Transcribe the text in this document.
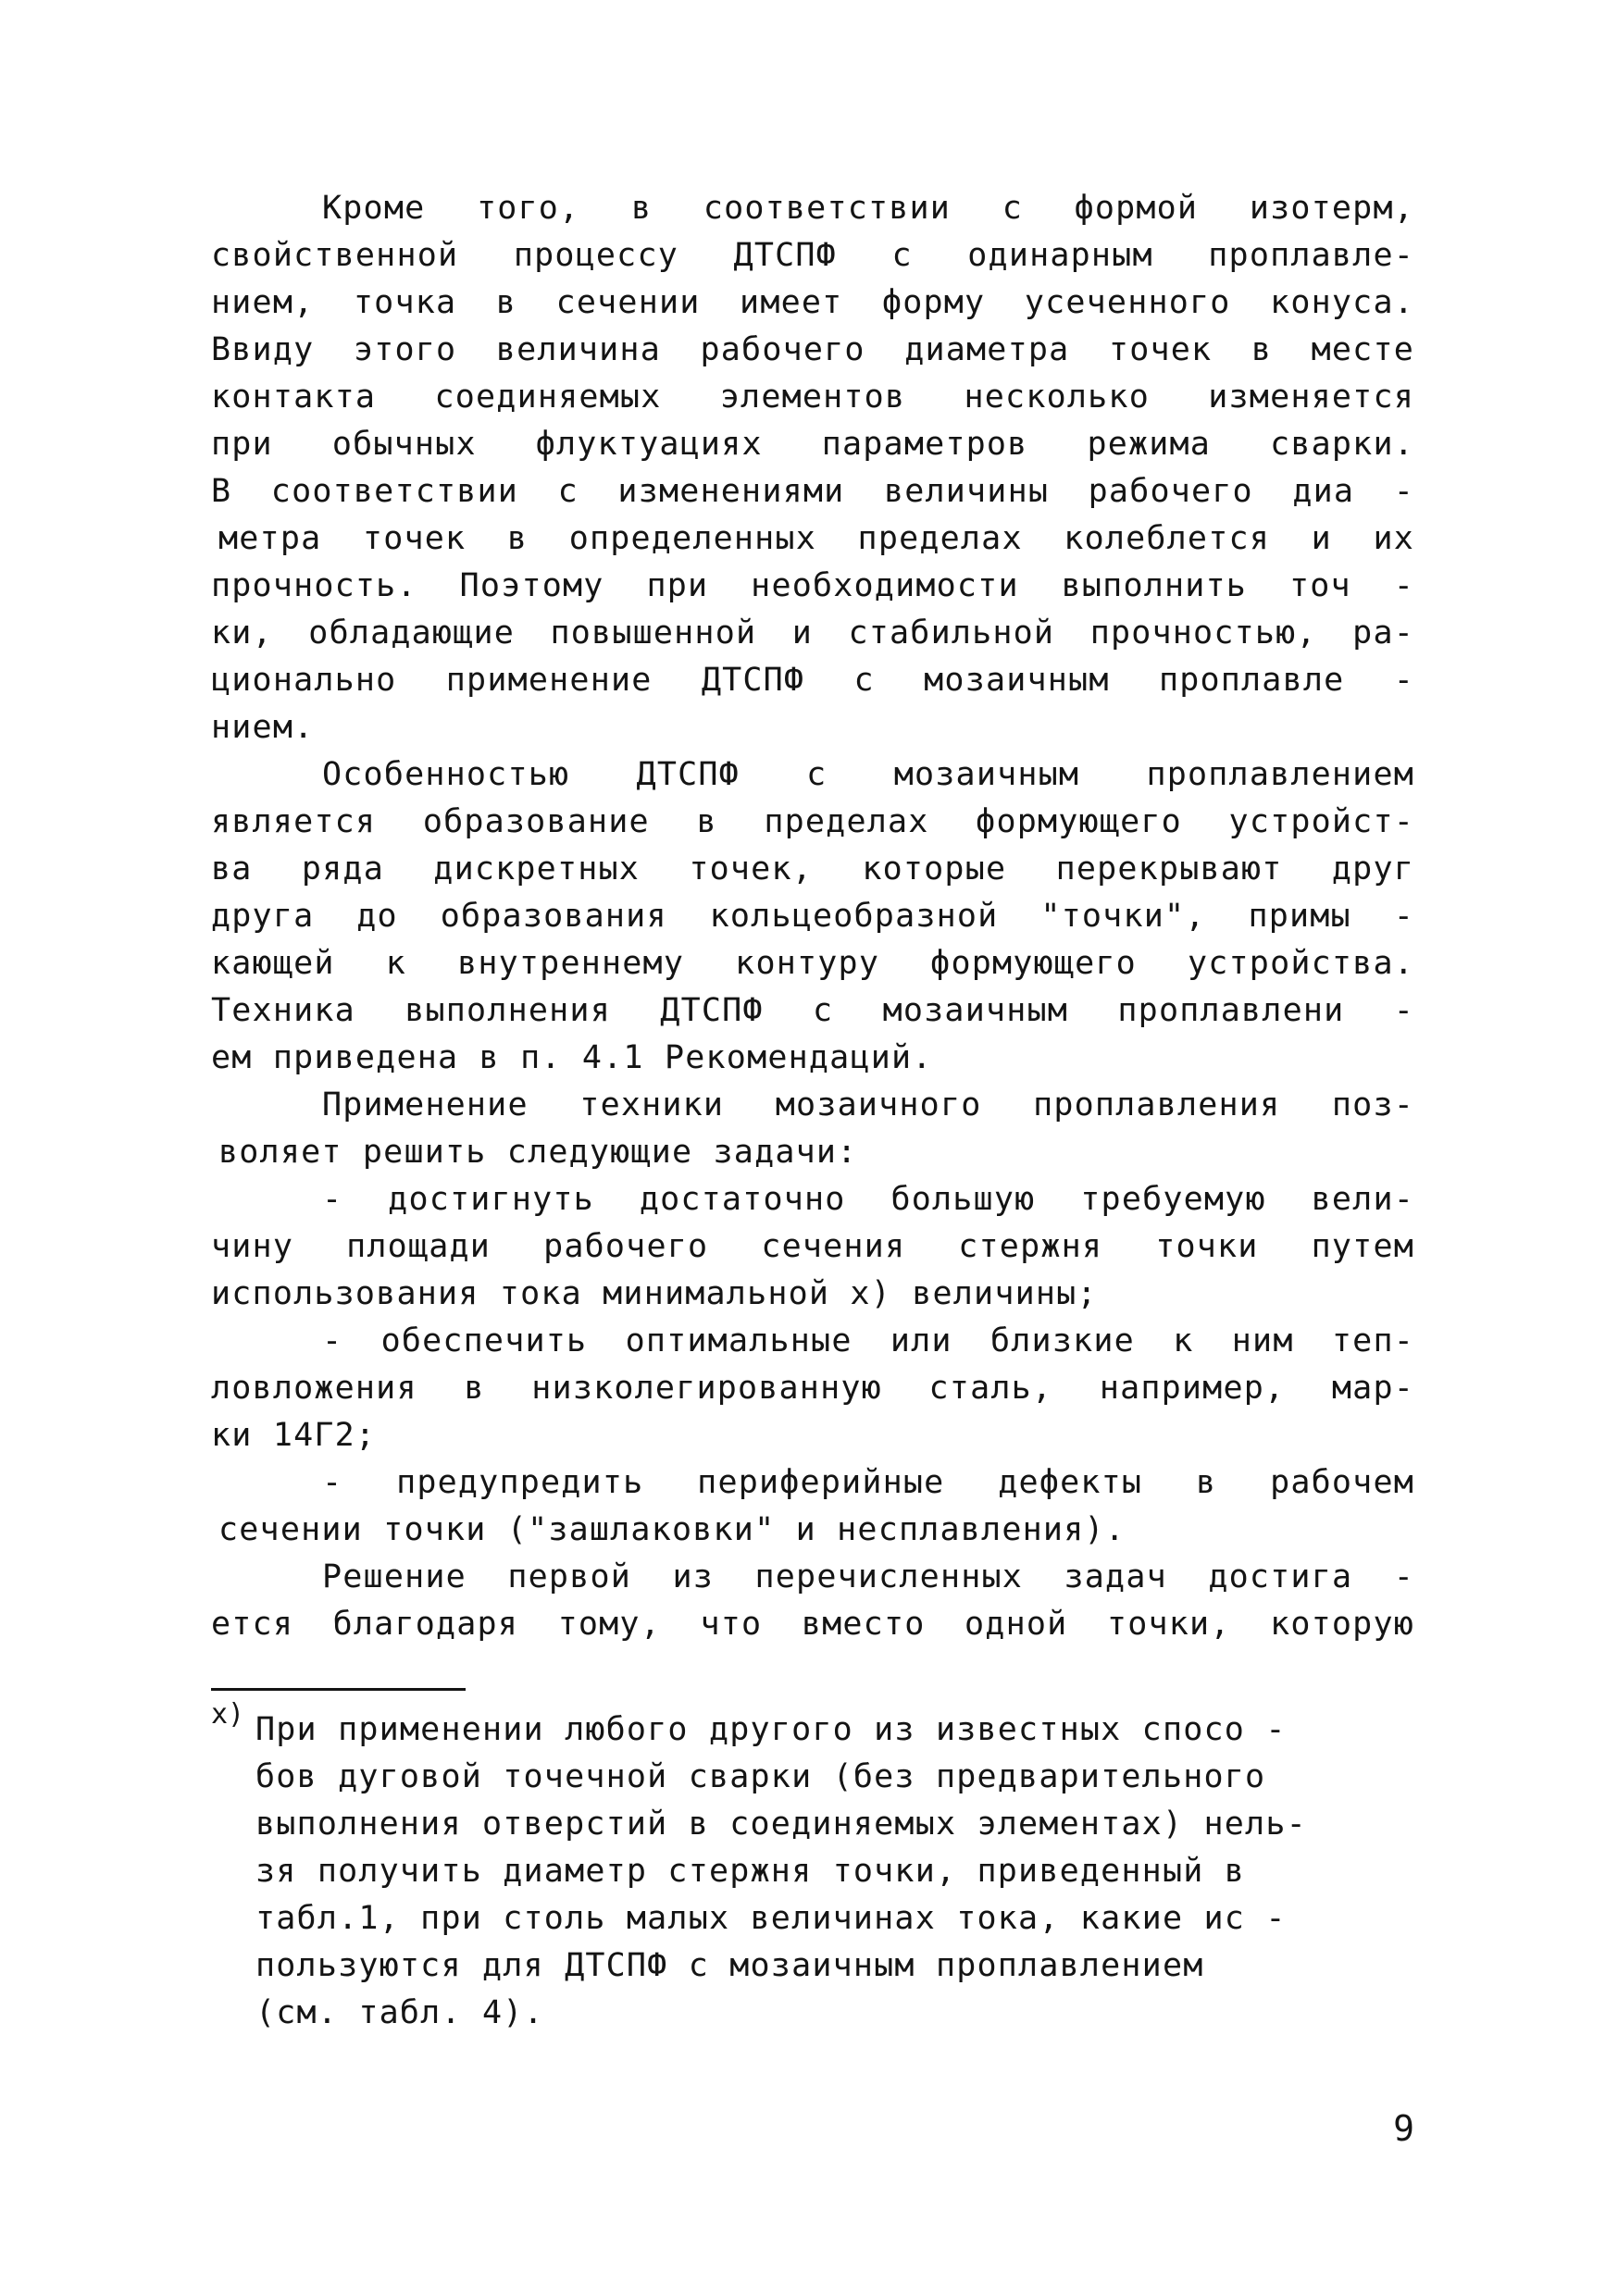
Кроме того, в соответствии с формой изотерм,
свойственной процессу ДТСПФ с одинарным проплавле-
нием, точка в сечении имеет форму усеченного конуса.
Ввиду этого величина рабочего диаметра точек в месте
контакта соединяемых элементов несколько изменяется
при обычных флуктуациях параметров режима сварки.
В соответствии с изменениями величины рабочего диа -
метра точек в определенных пределах колеблется и их
прочность. Поэтому при необходимости выполнить точ -
ки, обладающие повышенной и стабильной прочностью, ра-
ционально применение ДТСПФ с мозаичным проплавле -
нием.
Особенностью ДТСПФ с мозаичным проплавлением
является образование в пределах формующего устройст-
ва ряда дискретных точек, которые перекрывают друг
друга до образования кольцеобразной "точки", примы -
кающей к внутреннему контуру формующего устройства.
Техника выполнения ДТСПФ с мозаичным проплавлени -
ем приведена в п. 4.1 Рекомендаций.
Применение техники мозаичного проплавления поз-
воляет решить следующие задачи:
- достигнуть достаточно большую требуемую вели-
чину площади рабочего сечения стержня точки путем
использования тока минимальной x) величины;
- обеспечить оптимальные или близкие к ним теп-
ловложения в низколегированную сталь, например, мар-
ки 14Г2;
- предупредить периферийные дефекты в рабочем
сечении точки ("зашлаковки" и несплавления).
Решение первой из перечисленных задач достига -
ется благодаря тому, что вместо одной точки, которую
x) При применении любого другого из известных спосо -
бов дуговой точечной сварки (без предварительного
выполнения отверстий в соединяемых элементах) нель-
зя получить диаметр стержня точки, приведенный в
табл.1, при столь малых величинах тока, какие ис -
пользуются для ДТСПФ с мозаичным проплавлением
(см. табл. 4).
9
